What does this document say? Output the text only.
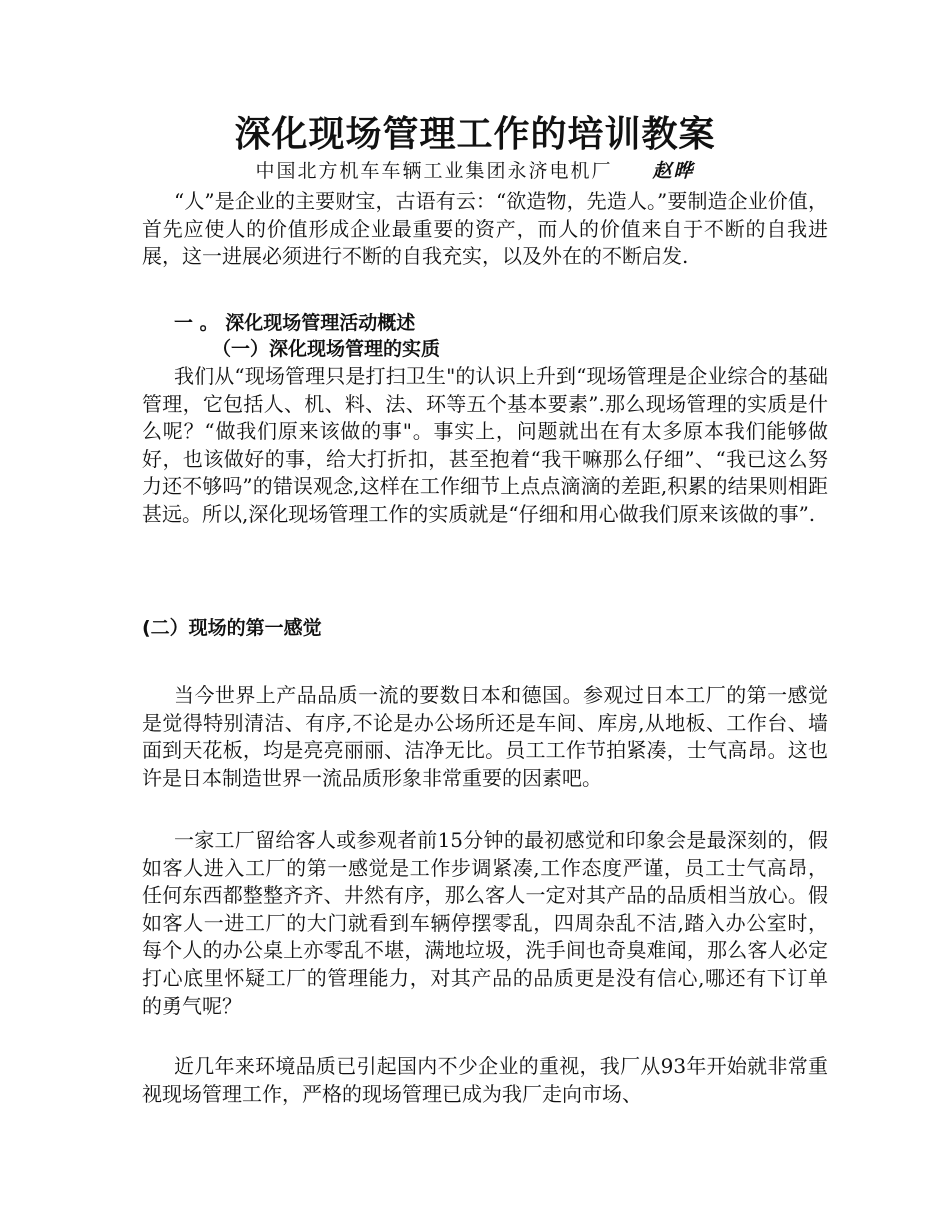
深化现场管理工作的培训教案
中国北方机车车辆工业集团永济电机厂 赵晔

“人”是企业的主要财宝，古语有云：“欲造物，先造人。”要制造企业价值，首先应使人的价值形成企业最重要的资产，而人的价值来自于不断的自我进展，这一进展必须进行不断的自我充实，以及外在的不断启发.

一 。 深化现场管理活动概述

（一）深化现场管理的实质

我们从“现场管理只是打扫卫生"的认识上升到“现场管理是企业综合的基础管理，它包括人、机、料、法、环等五个基本要素”.那么现场管理的实质是什么呢？“做我们原来该做的事"。事实上，问题就出在有太多原本我们能够做好，也该做好的事，给大打折扣，甚至抱着“我干嘛那么仔细”、“我已这么努力还不够吗”的错误观念,这样在工作细节上点点滴滴的差距,积累的结果则相距甚远。所以,深化现场管理工作的实质就是“仔细和用心做我们原来该做的事”.

(二）现场的第一感觉

当今世界上产品品质一流的要数日本和德国。参观过日本工厂的第一感觉是觉得特别清洁、有序,不论是办公场所还是车间、库房,从地板、工作台、墙面到天花板，均是亮亮丽丽、洁净无比。员工工作节拍紧凑，士气高昂。这也许是日本制造世界一流品质形象非常重要的因素吧。

一家工厂留给客人或参观者前15分钟的最初感觉和印象会是最深刻的，假如客人进入工厂的第一感觉是工作步调紧凑,工作态度严谨，员工士气高昂，任何东西都整整齐齐、井然有序，那么客人一定对其产品的品质相当放心。假如客人一进工厂的大门就看到车辆停摆零乱，四周杂乱不洁,踏入办公室时，每个人的办公桌上亦零乱不堪，满地垃圾，洗手间也奇臭难闻，那么客人必定打心底里怀疑工厂的管理能力，对其产品的品质更是没有信心,哪还有下订单的勇气呢？

近几年来环境品质已引起国内不少企业的重视，我厂从93年开始就非常重视现场管理工作，严格的现场管理已成为我厂走向市场、
